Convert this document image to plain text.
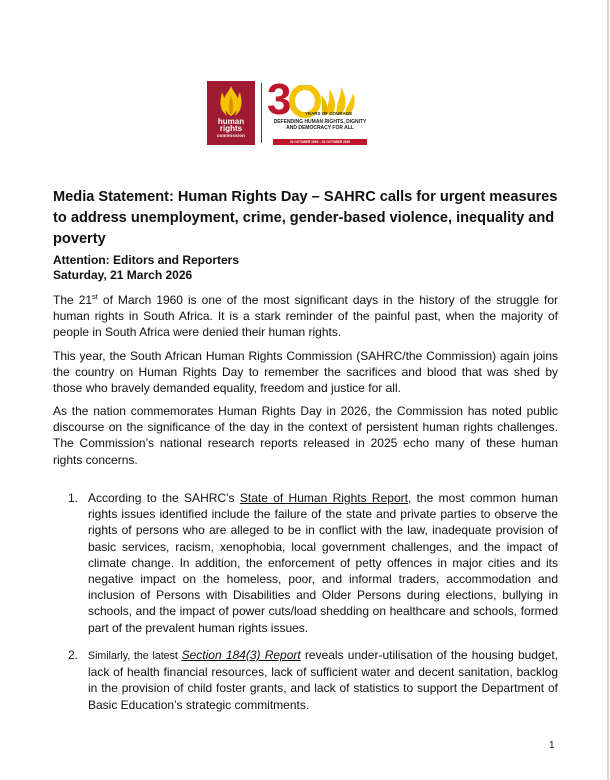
human
rights
commission
3	YEARS OF COURAGE
DEFENDING HUMAN RIGHTS, DIGNITY
AND DEMOCRACY FOR ALL
02 OCTOBER 1995 – 02 OCTOBER 2025
Media Statement: Human Rights Day – SAHRC calls for urgent measures to address unemployment, crime, gender-based violence, inequality and poverty
Attention: Editors and Reporters
Saturday, 21 March 2026

The 21st of March 1960 is one of the most significant days in the history of the struggle for human rights in South Africa. It is a stark reminder of the painful past, when the majority of people in South Africa were denied their human rights.

This year, the South African Human Rights Commission (SAHRC/the Commission) again joins the country on Human Rights Day to remember the sacrifices and blood that was shed by those who bravely demanded equality, freedom and justice for all.

As the nation commemorates Human Rights Day in 2026, the Commission has noted public discourse on the significance of the day in the context of persistent human rights challenges. The Commission’s national research reports released in 2025 echo many of these human rights concerns.

1. According to the SAHRC’s State of Human Rights Report, the most common human rights issues identified include the failure of the state and private parties to observe the rights of persons who are alleged to be in conflict with the law, inadequate provision of basic services, racism, xenophobia, local government challenges, and the impact of climate change. In addition, the enforcement of petty offences in major cities and its negative impact on the homeless, poor, and informal traders, accommodation and inclusion of Persons with Disabilities and Older Persons during elections, bullying in schools, and the impact of power cuts/load shedding on healthcare and schools, formed part of the prevalent human rights issues.

2. Similarly, the latest Section 184(3) Report reveals under-utilisation of the housing budget, lack of health financial resources, lack of sufficient water and decent sanitation, backlog in the provision of child foster grants, and lack of statistics to support the Department of Basic Education’s strategic commitments.

1
